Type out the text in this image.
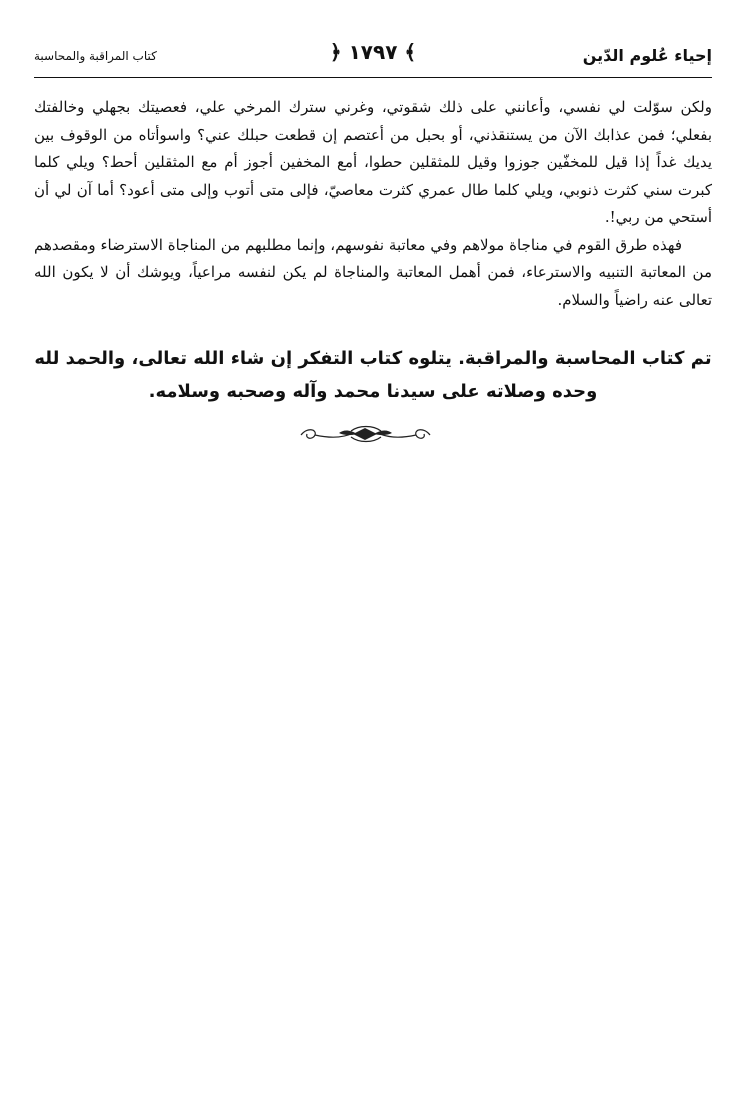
كتاب المراقبة والمحاسبة	﴿ ١٧٩٧ ﴾	إحياء عُلوم الدّين

ولكن سوّلت لي نفسي، وأعانني على ذلك شقوتي، وغرني سترك المرخي علي، فعصيتك بجهلي وخالفتك بفعلي؛ فمن عذابك الآن من يستنقذني، أو بحبل من أعتصم إن قطعت حبلك عني؟ واسوأتاه من الوقوف بين يديك غداً إذا قيل للمخفّين جوزوا وقيل للمثقلين حطوا، أمع المخفين أجوز أم مع المثقلين أحط؟ ويلي كلما كبرت سني كثرت ذنوبي، ويلي كلما طال عمري كثرت معاصيّ، فإلى متى أتوب وإلى متى أعود؟ أما آن لي أن أستحي من ربي!.

فهذه طرق القوم في مناجاة مولاهم وفي معاتبة نفوسهم، وإنما مطلبهم من المناجاة الاسترضاء ومقصدهم من المعاتبة التنبيه والاسترعاء، فمن أهمل المعاتبة والمناجاة لم يكن لنفسه مراعياً، ويوشك أن لا يكون الله تعالى عنه راضياً والسلام.

تم كتاب المحاسبة والمراقبة. يتلوه كتاب التفكر إن شاء الله تعالى، والحمد لله
وحده وصلاته على سيدنا محمد وآله وصحبه وسلامه.
